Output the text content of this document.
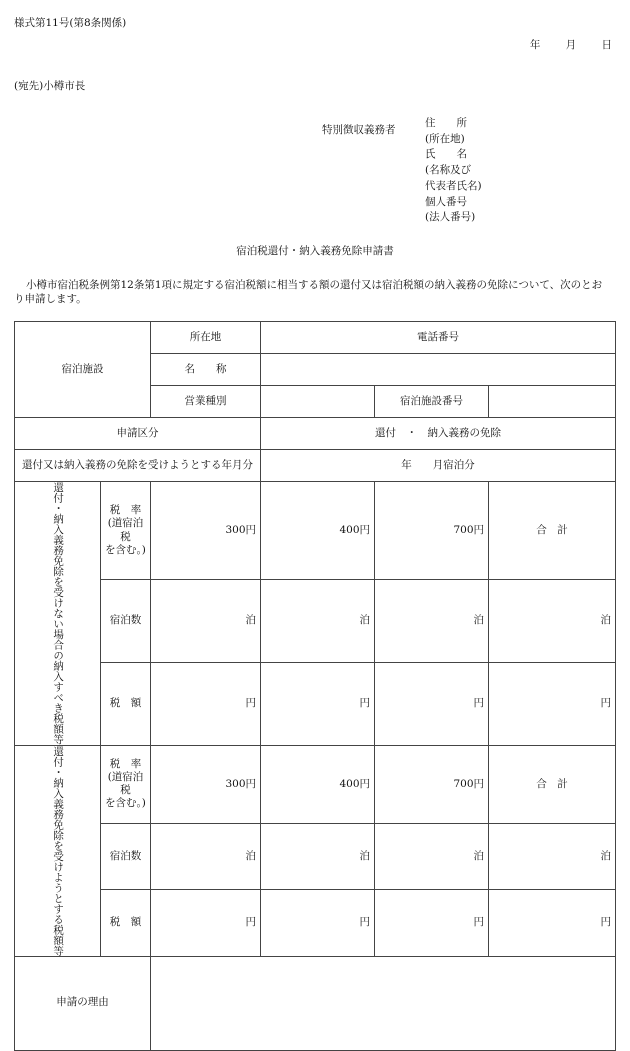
様式第11号(第8条関係)
年 月 日
(宛先)小樽市長
特別徴収義務者
住　　所
(所在地)
氏　　名
(名称及び
代表者氏名)
個人番号
(法人番号)
宿泊税還付・納入義務免除申請書
小樽市宿泊税条例第12条第1項に規定する宿泊税額に相当する額の還付又は宿泊税額の納入義務の免除について、次のとおり申請します。
宿泊施設		所在地	電話番号		
		名　　称			
		営業種別		宿泊施設番号	
申請区分			還付　・　納入義務の免除		
還付又は納入義務の免除を受けようとする年月分			年　　月宿泊分		
還付・納入義務免除を受けない場合の納入すべき税額等	税　率
(道宿泊税
を含む。)	300円	400円	700円	合　計
	宿泊数	泊	泊	泊	泊
	税　額	円	円	円	円
還付・納入義務免除を受けようとする税額等	税　率
(道宿泊税
を含む。)	300円	400円	700円	合　計
	宿泊数	泊	泊	泊	泊
	税　額	円	円	円	円
申請の理由					
